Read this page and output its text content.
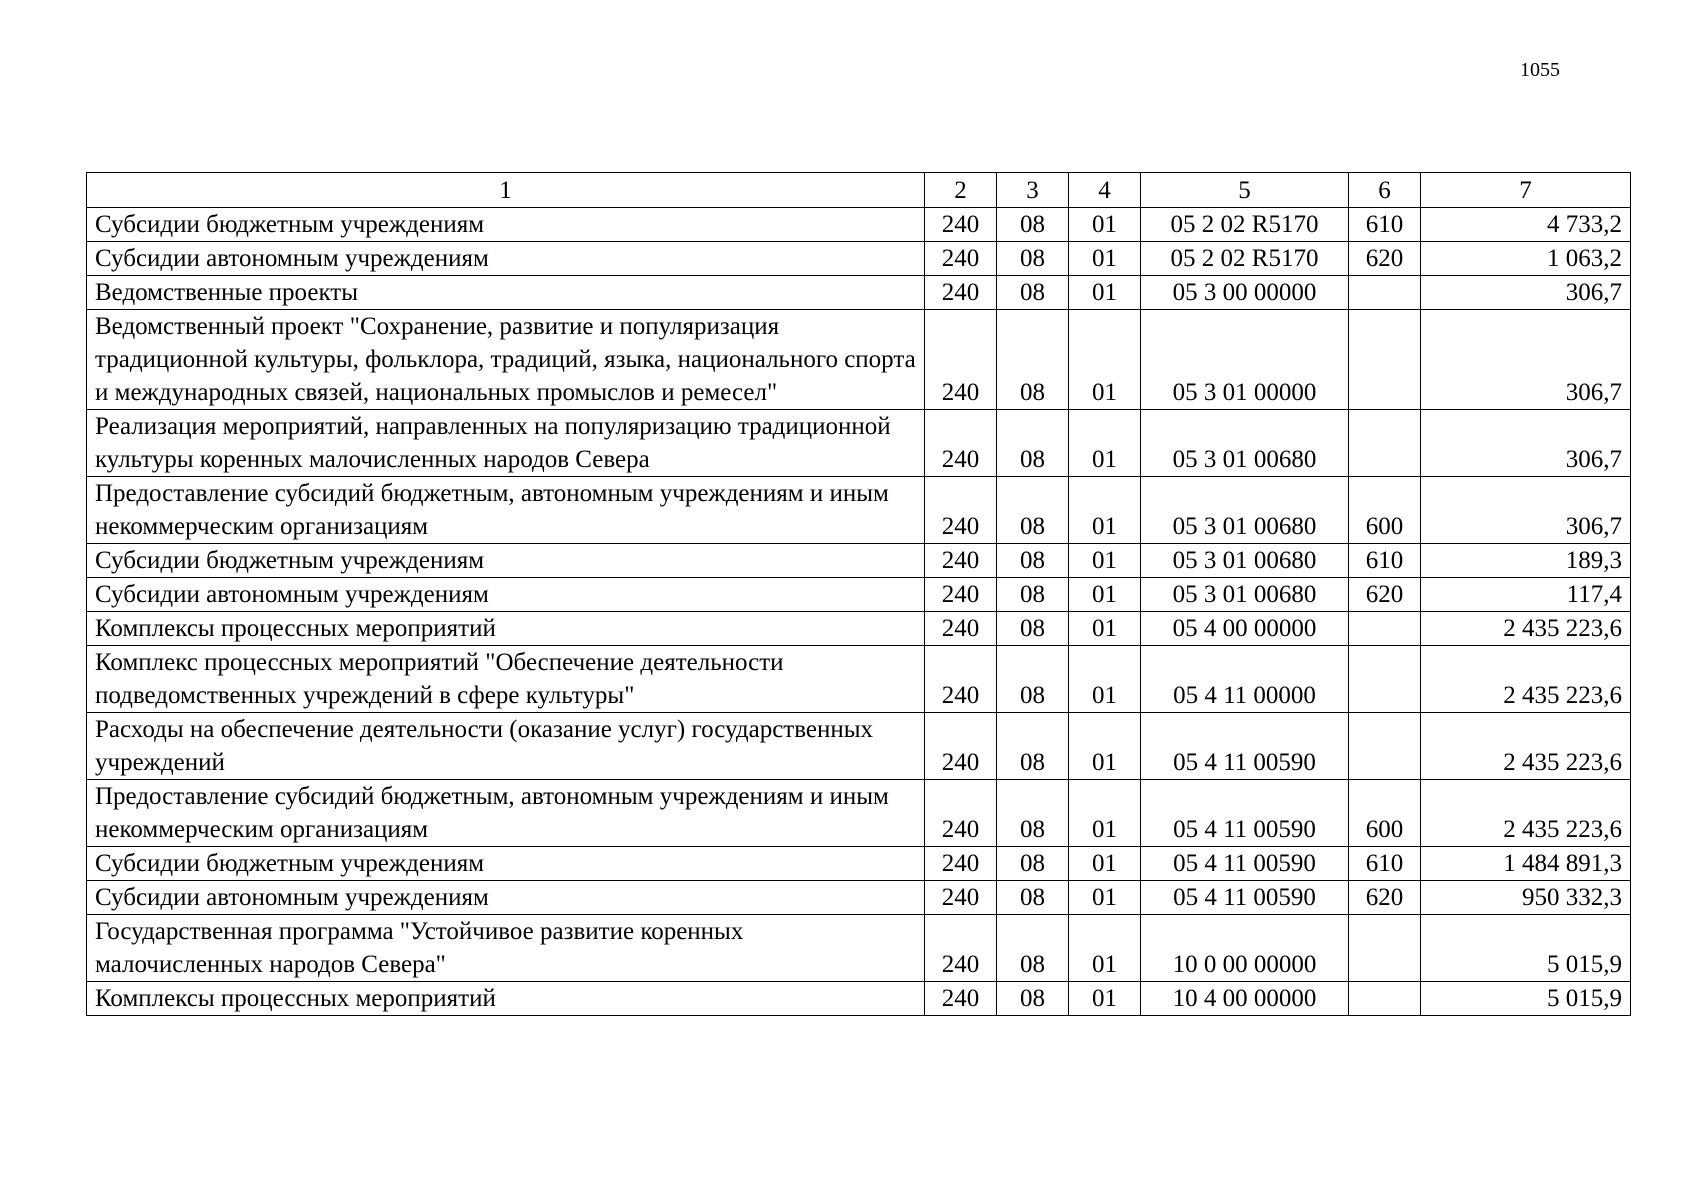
1055
1	2	3	4	5	6	7
Субсидии бюджетным учреждениям	240	08	01	05 2 02 R5170	610	4 733,2
Субсидии автономным учреждениям	240	08	01	05 2 02 R5170	620	1 063,2
Ведомственные проекты	240	08	01	05 3 00 00000		306,7
Ведомственный проект "Сохранение, развитие и популяризация традиционной культуры, фольклора, традиций, языка, национального спорта и международных связей, национальных промыслов и ремесел"	240	08	01	05 3 01 00000		306,7
Реализация мероприятий, направленных на популяризацию традиционной культуры коренных малочисленных народов Севера	240	08	01	05 3 01 00680		306,7
Предоставление субсидий бюджетным, автономным учреждениям и иным некоммерческим организациям	240	08	01	05 3 01 00680	600	306,7
Субсидии бюджетным учреждениям	240	08	01	05 3 01 00680	610	189,3
Субсидии автономным учреждениям	240	08	01	05 3 01 00680	620	117,4
Комплексы процессных мероприятий	240	08	01	05 4 00 00000		2 435 223,6
Комплекс процессных мероприятий "Обеспечение деятельности подведомственных учреждений в сфере культуры"	240	08	01	05 4 11 00000		2 435 223,6
Расходы на обеспечение деятельности (оказание услуг) государственных учреждений	240	08	01	05 4 11 00590		2 435 223,6
Предоставление субсидий бюджетным, автономным учреждениям и иным некоммерческим организациям	240	08	01	05 4 11 00590	600	2 435 223,6
Субсидии бюджетным учреждениям	240	08	01	05 4 11 00590	610	1 484 891,3
Субсидии автономным учреждениям	240	08	01	05 4 11 00590	620	950 332,3
Государственная программа "Устойчивое развитие коренных малочисленных народов Севера"	240	08	01	10 0 00 00000		5 015,9
Комплексы процессных мероприятий	240	08	01	10 4 00 00000		5 015,9
